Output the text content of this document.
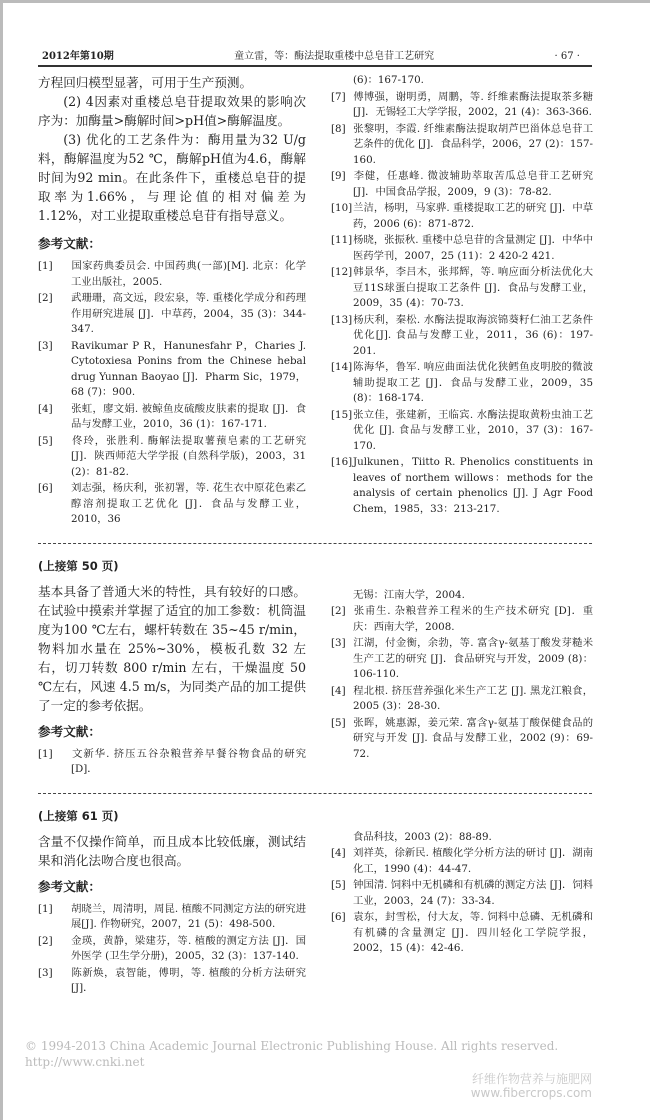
2012年第10期	童立雷，等：酶法提取重楼中总皂苷工艺研究	· 67 ·

方程回归模型显著，可用于生产预测。

(2) 4因素对重楼总皂苷提取效果的影响次序为：加酶量>酶解时间>pH值>酶解温度。

(3) 优化的工艺条件为：酶用量为32 U/g料，酶解温度为52 ℃，酶解pH值为4.6，酶解时间为92 min。在此条件下，重楼总皂苷的提取率为1.66%，与理论值的相对偏差为1.12%，对工业提取重楼总皂苷有指导意义。

参考文献：
[1] 国家药典委员会. 中国药典(一部)[M]. 北京：化学工业出版社，2005.
[2] 武珊珊，高文远，段宏泉，等. 重楼化学成分和药理作用研究进展 [J]．中草药，2004，35 (3)：344-347.
[3] Ravikumar P R，Hanunesfahr P，Charies J. Cytotoxiesa Ponins from the Chinese hebal drug Yunnan Baoyao [J]．Pharm Sic，1979，68 (7)：900.
[4] 张虹，廖文娟. 被鲸鱼皮硫酸皮肤素的提取 [J]．食品与发酵工业，2010，36 (1)：167-171.
[5] 佟玲，张胜利. 酶解法提取薯蓣皂素的工艺研究 [J]．陕西师范大学学报 (自然科学版)，2003，31 (2)：81-82.
[6] 刘志强，杨庆利，张初署，等. 花生衣中原花色素乙醇溶剂提取工艺优化 [J]．食品与发酵工业，2010，36
(6)：167-170.
[7] 傅博强，谢明勇，周鹏，等. 纤维素酶法提取茶多糖 [J]．无锡轻工大学学报，2002，21 (4)：363-366.
[8] 张黎明，李霞. 纤维素酶法提取胡芦巴甾体总皂苷工艺条件的优化 [J]．食品科学，2006，27 (2)：157-160.
[9] 李健，任惠峰. 微波辅助萃取苦瓜总皂苷工艺研究 [J]．中国食品学报，2009，9 (3)：78-82.
[10]兰洁，杨明，马家骅. 重楼提取工艺的研究 [J]．中草药，2006 (6)：871-872.
[11]杨晓，张振秋. 重楼中总皂苷的含量测定 [J]．中华中医药学刊，2007，25 (11)：2 420-2 421.
[12]韩景华，李吕木，张邦辉，等. 响应面分析法优化大豆11S球蛋白提取工艺条件 [J]．食品与发酵工业，2009，35 (4)：70-73.
[13]杨庆利，秦松. 水酶法提取海滨锦葵籽仁油工艺条件优化[J]. 食品与发酵工业，2011，36 (6)：197-201.
[14]陈海华，鲁军. 响应曲面法优化狭鳕鱼皮明胶的微波辅助提取工艺 [J]．食品与发酵工业，2009，35 (8)：168-174.
[15]张立佳，张建新，王临宾. 水酶法提取黄粉虫油工艺优化 [J]. 食品与发酵工业，2010，37 (3)：167-170.
[16]Julkunen，Tiitto R. Phenolics constituents in leaves of northem willows：methods for the analysis of certain phenolics [J]. J Agr Food Chem，1985，33：213-217.
(上接第 50 页)

基本具备了普通大米的特性，具有较好的口感。在试验中摸索并掌握了适宜的加工参数：机筒温度为100 ℃左右，螺杆转数在 35~45 r/min，物料加水量在 25%~30%，模板孔数 32 左右，切刀转数 800 r/min 左右，干燥温度 50 ℃左右，风速 4.5 m/s，为同类产品的加工提供了一定的参考依据。

参考文献：
[1] 文新华. 挤压五谷杂粮营养早餐谷物食品的研究 [D]．
无锡：江南大学，2004.
[2] 张甫生. 杂粮营养工程米的生产技术研究 [D]．重庆：西南大学，2008.
[3] 江湖，付金衡，余勃，等. 富含γ-氨基丁酸发芽糙米生产工艺的研究 [J]．食品研究与开发，2009 (8)：106-110.
[4] 程北根. 挤压营养强化米生产工艺 [J]. 黑龙江粮食，2005 (3)：28-30.
[5] 张晖，姚惠源，姜元荣. 富含γ-氨基丁酸保健食品的研究与开发 [J]. 食品与发酵工业，2002 (9)：69-72.
(上接第 61 页)

含量不仅操作简单，而且成本比较低廉，测试结果和消化法吻合度也很高。

参考文献：
[1] 胡晓兰，周清明，周昆. 植酸不同测定方法的研究进展[J]. 作物研究，2007，21 (5)：498-500.
[2] 金瑛，黄静，梁建芬，等. 植酸的测定方法 [J]．国外医学 (卫生学分册)，2005，32 (3)：137-140.
[3] 陈新焕，袁智能，傅明，等. 植酸的分析方法研究 [J]．
食品科技，2003 (2)：88-89.
[4] 刘祥英，徐新民. 植酸化学分析方法的研讨 [J]．湖南化工，1990 (4)：44-47.
[5] 钟国清. 饲料中无机磷和有机磷的测定方法 [J]．饲料工业，2003，24 (7)：33-34.
[6] 袁东，封雪松，付大友，等. 饲料中总磷、无机磷和有机磷的含量测定 [J]．四川轻化工学院学报，2002，15 (4)：42-46.
© 1994-2013 China Academic Journal Electronic Publishing House. All rights reserved. http://www.cnki.net
纤维作物营养与施肥网
www.fibercrops.com
